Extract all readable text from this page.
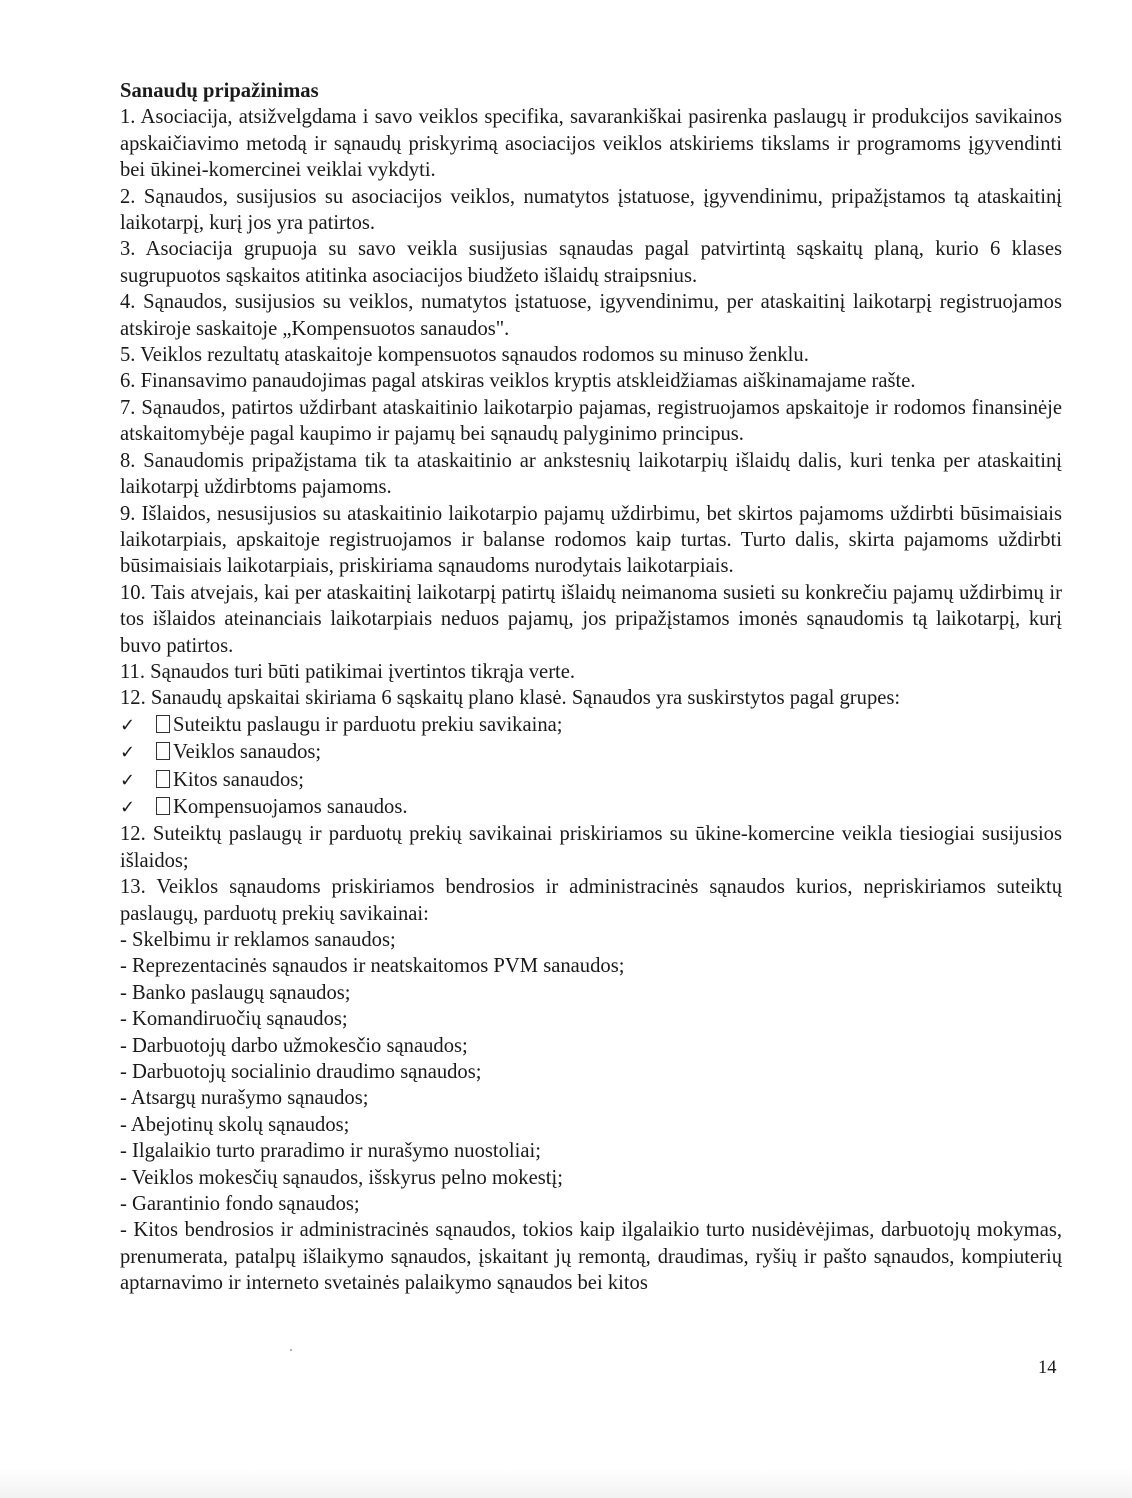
Sanaudų pripažinimas

1. Asociacija, atsižvelgdama i savo veiklos specifika, savarankiškai pasirenka paslaugų ir produkcijos savikainos apskaičiavimo metodą ir sąnaudų priskyrimą asociacijos veiklos atskiriems tikslams ir programoms įgyvendinti bei ūkinei-komercinei veiklai vykdyti.

2. Sąnaudos, susijusios su asociacijos veiklos, numatytos įstatuose, įgyvendinimu, pripažįstamos tą ataskaitinį laikotarpį, kurį jos yra patirtos.

3. Asociacija grupuoja su savo veikla susijusias sąnaudas pagal patvirtintą sąskaitų planą, kurio 6 klases sugrupuotos sąskaitos atitinka asociacijos biudžeto išlaidų straipsnius.

4. Sąnaudos, susijusios su veiklos, numatytos įstatuose, igyvendinimu, per ataskaitinį laikotarpį registruojamos atskiroje saskaitoje „Kompensuotos sanaudos".

5. Veiklos rezultatų ataskaitoje kompensuotos sąnaudos rodomos su minuso ženklu.

6. Finansavimo panaudojimas pagal atskiras veiklos kryptis atskleidžiamas aiškinamajame rašte.

7. Sąnaudos, patirtos uždirbant ataskaitinio laikotarpio pajamas, registruojamos apskaitoje ir rodomos finansinėje atskaitomybėje pagal kaupimo ir pajamų bei sąnaudų palyginimo principus.

8. Sanaudomis pripažįstama tik ta ataskaitinio ar ankstesnių laikotarpių išlaidų dalis, kuri tenka per ataskaitinį laikotarpį uždirbtoms pajamoms.

9. Išlaidos, nesusijusios su ataskaitinio laikotarpio pajamų uždirbimu, bet skirtos pajamoms uždirbti būsimaisiais laikotarpiais, apskaitoje registruojamos ir balanse rodomos kaip turtas. Turto dalis, skirta pajamoms uždirbti būsimaisiais laikotarpiais, priskiriama sąnaudoms nurodytais laikotarpiais.

10. Tais atvejais, kai per ataskaitinį laikotarpį patirtų išlaidų neimanoma susieti su konkrečiu pajamų uždirbimų ir tos išlaidos ateinanciais laikotarpiais neduos pajamų, jos pripažįstamos imonės sąnaudomis tą laikotarpį, kurį buvo patirtos.

11. Sąnaudos turi būti patikimai įvertintos tikrąja verte.

12. Sanaudų apskaitai skiriama 6 sąskaitų plano klasė. Sąnaudos yra suskirstytos pagal grupes:

✓	Suteiktu paslaugu ir parduotu prekiu savikaina;

✓	Veiklos sanaudos;

✓	Kitos sanaudos;

✓	Kompensuojamos sanaudos.

12. Suteiktų paslaugų ir parduotų prekių savikainai priskiriamos su ūkine-komercine veikla tiesiogiai susijusios išlaidos;

13. Veiklos sąnaudoms priskiriamos bendrosios ir administracinės sąnaudos kurios, nepriskiriamos suteiktų paslaugų, parduotų prekių savikainai:

- Skelbimu ir reklamos sanaudos;

- Reprezentacinės sąnaudos ir neatskaitomos PVM sanaudos;

- Banko paslaugų sąnaudos;

- Komandiruočių sąnaudos;

- Darbuotojų darbo užmokesčio sąnaudos;

- Darbuotojų socialinio draudimo sąnaudos;

- Atsargų nurašymo sąnaudos;

- Abejotinų skolų sąnaudos;

- Ilgalaikio turto praradimo ir nurašymo nuostoliai;

- Veiklos mokesčių sąnaudos, išskyrus pelno mokestį;

- Garantinio fondo sąnaudos;

- Kitos bendrosios ir administracinės sąnaudos, tokios kaip ilgalaikio turto nusidėvėjimas, darbuotojų mokymas, prenumerata, patalpų išlaikymo sąnaudos, įskaitant jų remontą, draudimas, ryšių ir pašto sąnaudos, kompiuterių aptarnavimo ir interneto svetainės palaikymo sąnaudos bei kitos

14
